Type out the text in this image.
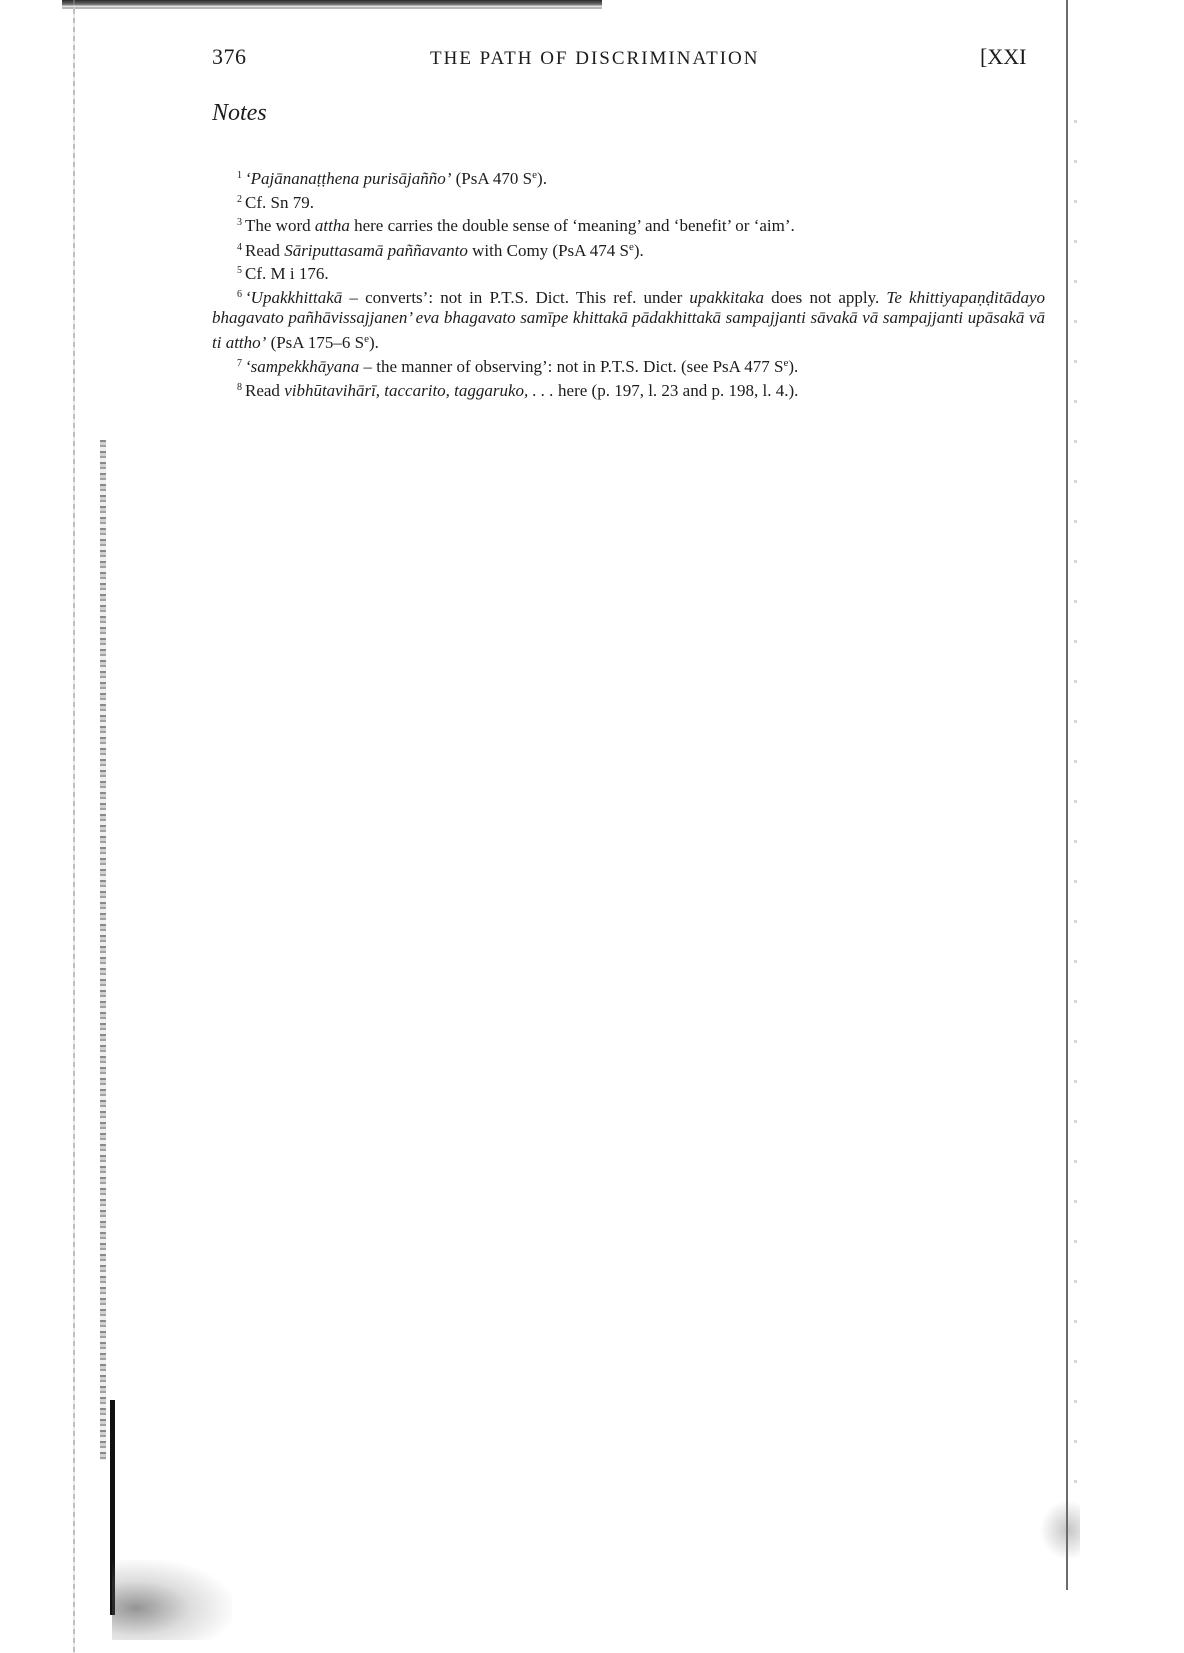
376	THE PATH OF DISCRIMINATION	[XXI
Notes

$^1$ ‘Pajānanaṭṭhena purisājañño’ (PsA 470 $S^e$).

$^2$ Cf. Sn 79.

$^3$ The word attha here carries the double sense of ‘meaning’ and ‘benefit’ or ‘aim’.

$^4$ Read Sāriputtasamā paññavanto with Comy (PsA 474 $S^e$).

$^5$ Cf. M i 176.

$^6$ ‘Upakkhittakā – converts’: not in P.T.S. Dict. This ref. under upakkitaka does not apply. Te khittiyapaṇḍitādayo bhagavato pañhāvissajjanen’ eva bhagavato samīpe khittakā pādakhittakā sampajjanti sāvakā vā sampajjanti upāsakā vā ti attho’ (PsA 175–6 $S^e$).

$^7$ ‘sampekkhāyana – the manner of observing’: not in P.T.S. Dict. (see PsA 477 $S^e$).

$^8$ Read vibhūtavihārī, taccarito, taggaruko, . . . here (p. 197, l. 23 and p. 198, l. 4.).
